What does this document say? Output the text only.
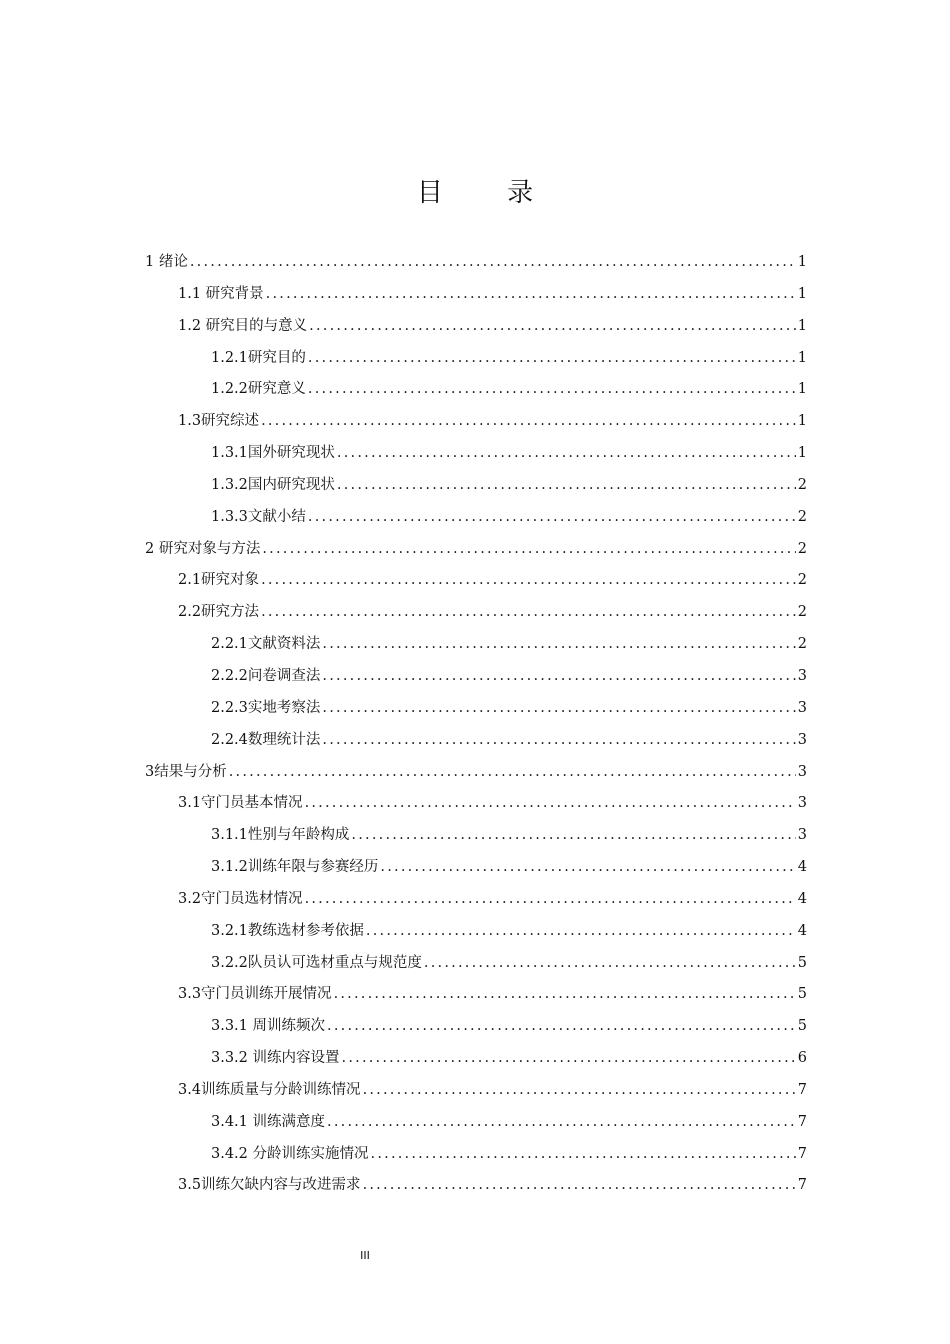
目 录
1 绪论 .....	1
1.1 研究背景 .....	1
1.2 研究目的与意义 .....	1
1.2.1研究目的 .....	1
1.2.2研究意义 .....	1
1.3研究综述 .....	1
1.3.1国外研究现状 .....	1
1.3.2国内研究现状 .....	2
1.3.3文献小结 .....	2
2 研究对象与方法 .....	2
2.1研究对象 .....	2
2.2研究方法 .....	2
2.2.1文献资料法 .....	2
2.2.2问卷调查法 .....	3
2.2.3实地考察法 .....	3
2.2.4数理统计法 .....	3
3结果与分析 .....	3
3.1守门员基本情况 .....	3
3.1.1性别与年龄构成 .....	3
3.1.2训练年限与参赛经历 .....	4
3.2守门员选材情况 .....	4
3.2.1教练选材参考依据 .....	4
3.2.2队员认可选材重点与规范度 .....	5
3.3守门员训练开展情况 .....	5
3.3.1 周训练频次 .....	5
3.3.2 训练内容设置 .....	6
3.4训练质量与分龄训练情况 .....	7
3.4.1 训练满意度 .....	7
3.4.2 分龄训练实施情况 .....	7
3.5训练欠缺内容与改进需求 .....	7
III
